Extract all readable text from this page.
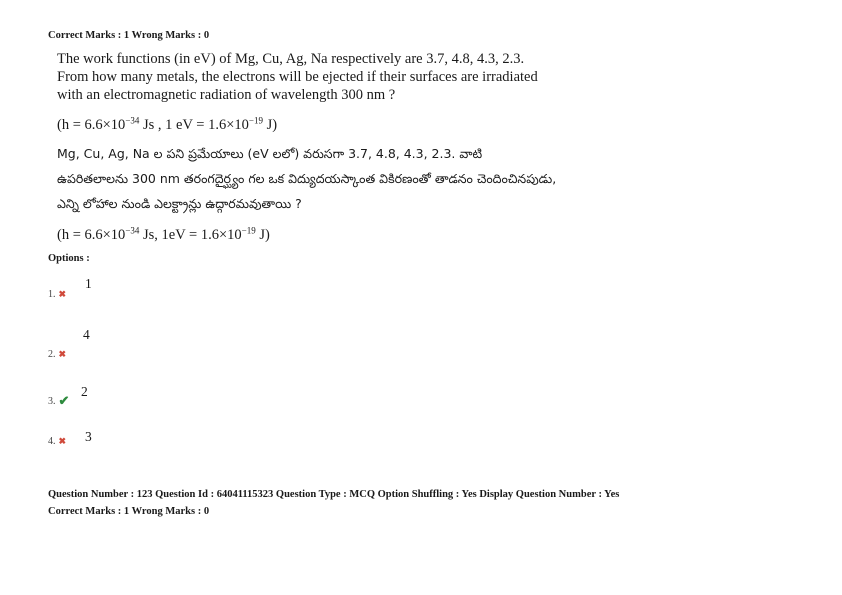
Correct Marks : 1 Wrong Marks : 0
The work functions (in eV) of Mg, Cu, Ag, Na respectively are 3.7, 4.8, 4.3, 2.3.
From how many metals, the electrons will be ejected if their surfaces are irradiated
with an electromagnetic radiation of wavelength 300 nm ?
($h = 6.6\times 10^{-34}$ Js , 1 eV = $1.6\times 10^{-19}$ J)
Mg, Cu, Ag, Na ల పని ప్రమేయాలు (eV లలో) వరుసగా 3.7, 4.8, 4.3, 2.3. వాటి
ఉపరితలాలను 300 nm తరంగదైర్ఘ్యం గల ఒక విద్యుదయస్కాంత వికిరణంతో తాడనం చెందించినపుడు,
ఎన్ని లోహాల నుండి ఎలక్ట్రాన్లు ఉద్గారమవుతాయి ?
($h = 6.6\times 10^{-34}$ Js, $1eV = 1.6\times 10^{-19}$ J)
Options :
1
1. ✖
4
2. ✖
2
3. ✔
3
4. ✖
Question Number : 123 Question Id : 64041115323 Question Type : MCQ Option Shuffling : Yes Display Question Number : Yes
Correct Marks : 1 Wrong Marks : 0
